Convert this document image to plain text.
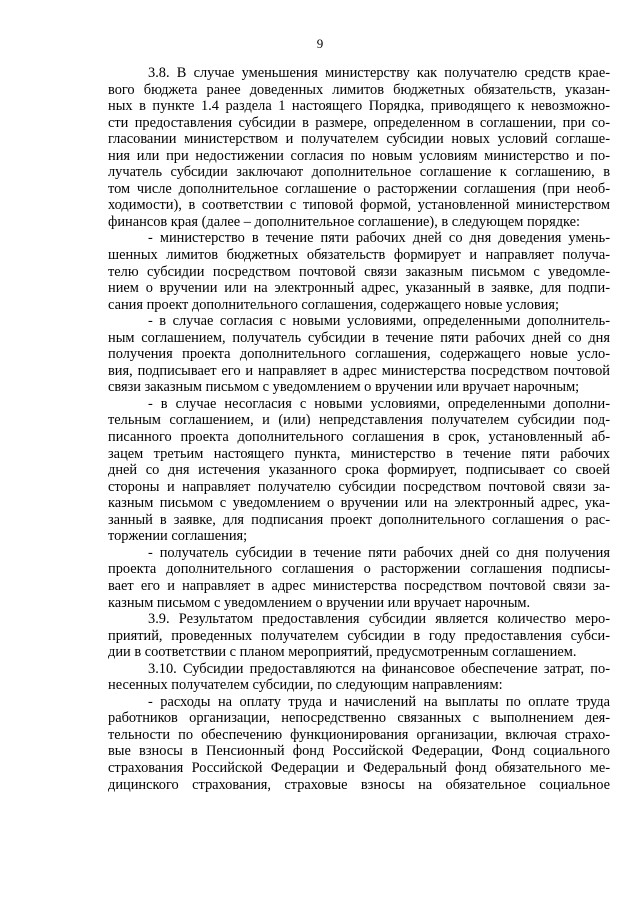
9
3.8. В случае уменьшения министерству как получателю средств крае-
вого бюджета ранее доведенных лимитов бюджетных обязательств, указан-
ных в пункте 1.4 раздела 1 настоящего Порядка, приводящего к невозможно-
сти предоставления субсидии в размере, определенном в соглашении, при со-
гласовании министерством и получателем субсидии новых условий соглаше-
ния или при недостижении согласия по новым условиям министерство и по-
лучатель субсидии заключают дополнительное соглашение к соглашению, в
том числе дополнительное соглашение о расторжении соглашения (при необ-
ходимости), в соответствии с типовой формой, установленной министерством
финансов края (далее – дополнительное соглашение), в следующем порядке:
- министерство в течение пяти рабочих дней со дня доведения умень-
шенных лимитов бюджетных обязательств формирует и направляет получа-
телю субсидии посредством почтовой связи заказным письмом с уведомле-
нием о вручении или на электронный адрес, указанный в заявке, для подпи-
сания проект дополнительного соглашения, содержащего новые условия;
- в случае согласия с новыми условиями, определенными дополнитель-
ным соглашением, получатель субсидии в течение пяти рабочих дней со дня
получения проекта дополнительного соглашения, содержащего новые усло-
вия, подписывает его и направляет в адрес министерства посредством почтовой
связи заказным письмом с уведомлением о вручении или вручает нарочным;
- в случае несогласия с новыми условиями, определенными дополни-
тельным соглашением, и (или) непредставления получателем субсидии под-
писанного проекта дополнительного соглашения в срок, установленный аб-
зацем третьим настоящего пункта, министерство в течение пяти рабочих
дней со дня истечения указанного срока формирует, подписывает со своей
стороны и направляет получателю субсидии посредством почтовой связи за-
казным письмом с уведомлением о вручении или на электронный адрес, ука-
занный в заявке, для подписания проект дополнительного соглашения о рас-
торжении соглашения;
- получатель субсидии в течение пяти рабочих дней со дня получения
проекта дополнительного соглашения о расторжении соглашения подписы-
вает его и направляет в адрес министерства посредством почтовой связи за-
казным письмом с уведомлением о вручении или вручает нарочным.
3.9. Результатом предоставления субсидии является количество меро-
приятий, проведенных получателем субсидии в году предоставления субси-
дии в соответствии с планом мероприятий, предусмотренным соглашением.
3.10. Субсидии предоставляются на финансовое обеспечение затрат, по-
несенных получателем субсидии, по следующим направлениям:
- расходы на оплату труда и начислений на выплаты по оплате труда
работников организации, непосредственно связанных с выполнением дея-
тельности по обеспечению функционирования организации, включая страхо-
вые взносы в Пенсионный фонд Российской Федерации, Фонд социального
страхования Российской Федерации и Федеральный фонд обязательного ме-
дицинского страхования, страховые взносы на обязательное социальное
